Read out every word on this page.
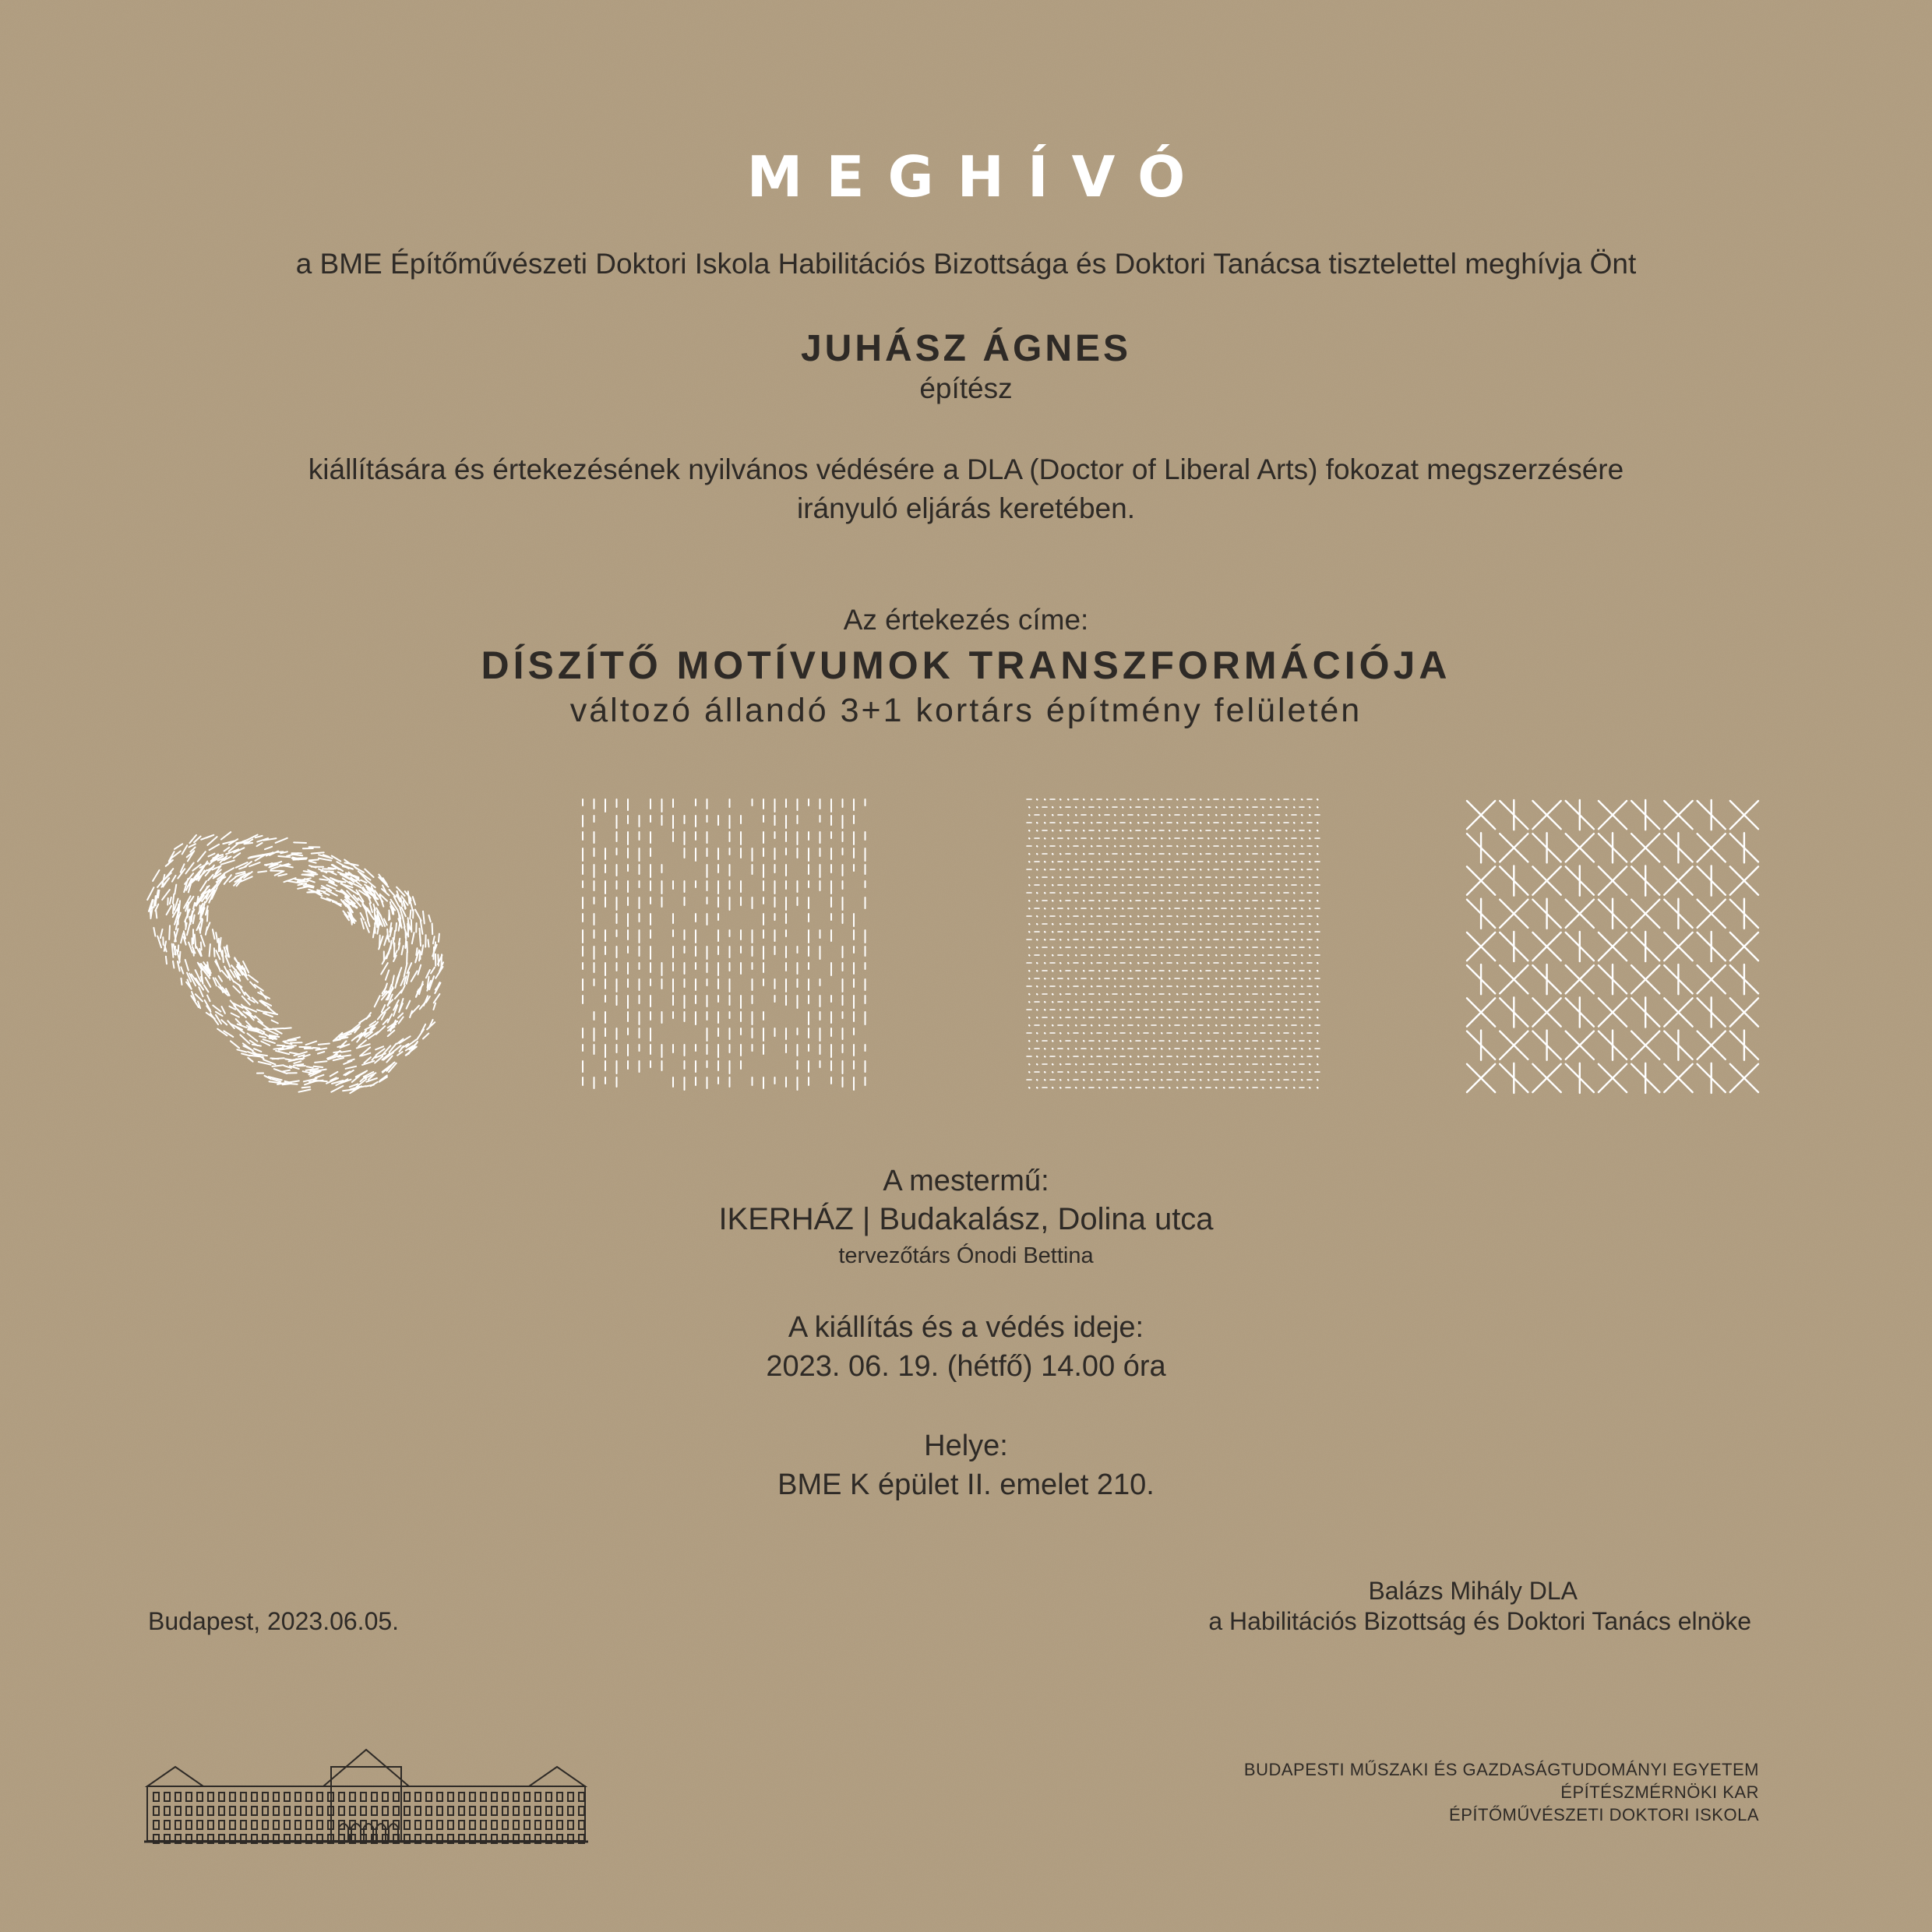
MEGHÍVÓ

a BME Építőművészeti Doktori Iskola Habilitációs Bizottsága és Doktori Tanácsa tisztelettel meghívja Önt

JUHÁSZ ÁGNES

építész

kiállítására és értekezésének nyilvános védésére a DLA (Doctor of Liberal Arts) fokozat megszerzésére
irányuló eljárás keretében.

Az értekezés címe:

DÍSZÍTŐ MOTÍVUMOK TRANSZFORMÁCIÓJA

változó állandó 3+1 kortárs építmény felületén

A mestermű:

IKERHÁZ | Budakalász, Dolina utca

tervezőtárs Ónodi Bettina

A kiállítás és a védés ideje:

2023. 06. 19. (hétfő) 14.00 óra

Helye:

BME K épület II. emelet 210.

Budapest, 2023.06.05.

Balázs Mihály DLA

a Habilitációs Bizottság és Doktori Tanács elnöke

BUDAPESTI MŰSZAKI ÉS GAZDASÁGTUDOMÁNYI EGYETEM

ÉPÍTÉSZMÉRNÖKI KAR

ÉPÍTŐMŰVÉSZETI DOKTORI ISKOLA
